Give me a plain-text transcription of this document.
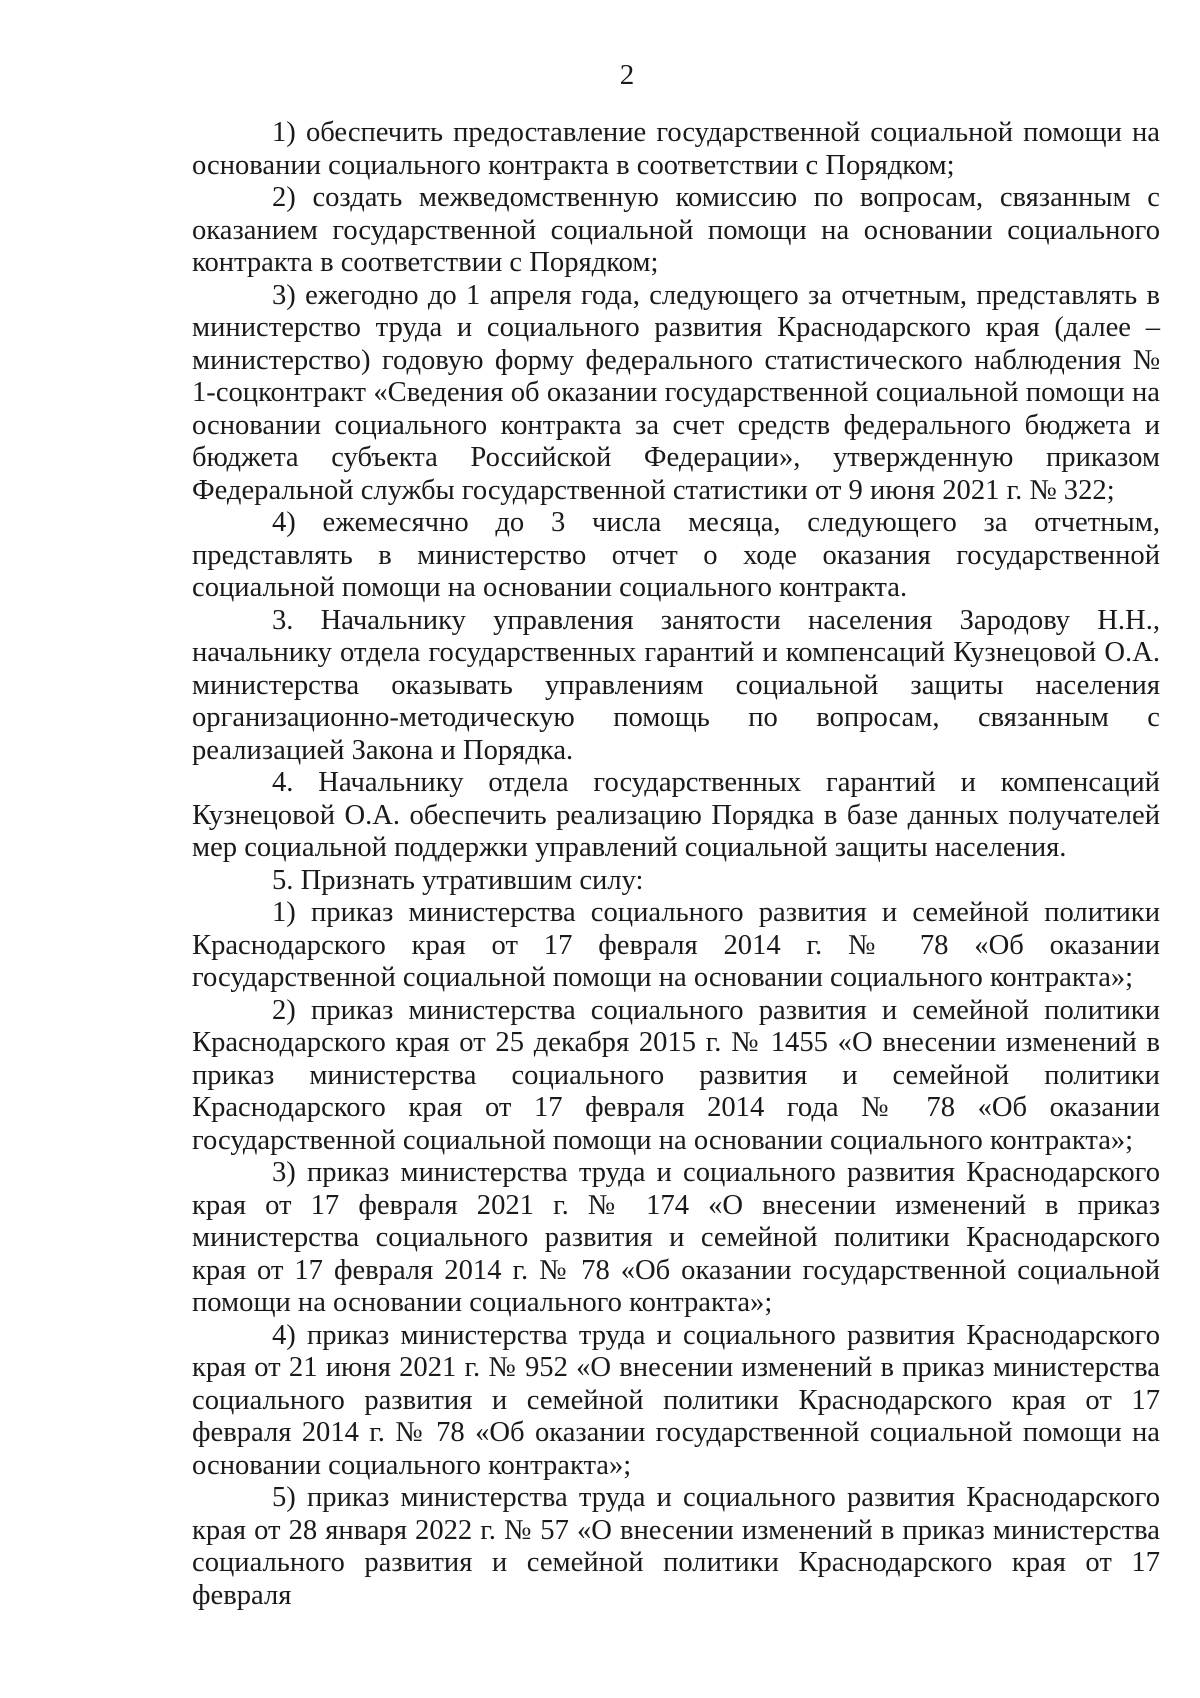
2

1) обеспечить предоставление государственной социальной помощи на основании социального контракта в соответствии с Порядком;

2) создать межведомственную комиссию по вопросам, связанным с оказанием государственной социальной помощи на основании социального контракта в соответствии с Порядком;

3) ежегодно до 1 апреля года, следующего за отчетным, представлять в министерство труда и социального развития Краснодарского края (далее – министерство) годовую форму федерального статистического наблюдения № 1-соцконтракт «Сведения об оказании государственной социальной помощи на основании социального контракта за счет средств федерального бюджета и бюджета субъекта Российской Федерации», утвержденную приказом Федеральной службы государственной статистики от 9 июня 2021 г. № 322;

4) ежемесячно до 3 числа месяца, следующего за отчетным, представлять в министерство отчет о ходе оказания государственной социальной помощи на основании социального контракта.

3. Начальнику управления занятости населения Зародову Н.Н., начальнику отдела государственных гарантий и компенсаций Кузнецовой О.А. министерства оказывать управлениям социальной защиты населения организационно-методическую помощь по вопросам, связанным с реализацией Закона и Порядка.

4. Начальнику отдела государственных гарантий и компенсаций Кузнецовой О.А. обеспечить реализацию Порядка в базе данных получателей мер социальной поддержки управлений социальной защиты населения.

5. Признать утратившим силу:

1) приказ министерства социального развития и семейной политики Краснодарского края от 17 февраля 2014 г. № 78 «Об оказании государственной социальной помощи на основании социального контракта»;

2) приказ министерства социального развития и семейной политики Краснодарского края от 25 декабря 2015 г. № 1455 «О внесении изменений в приказ министерства социального развития и семейной политики Краснодарского края от 17 февраля 2014 года № 78 «Об оказании государственной социальной помощи на основании социального контракта»;

3) приказ министерства труда и социального развития Краснодарского края от 17 февраля 2021 г. № 174 «О внесении изменений в приказ министерства социального развития и семейной политики Краснодарского края от 17 февраля 2014 г. № 78 «Об оказании государственной социальной помощи на основании социального контракта»;

4) приказ министерства труда и социального развития Краснодарского края от 21 июня 2021 г. № 952 «О внесении изменений в приказ министерства социального развития и семейной политики Краснодарского края от 17 февраля 2014 г. № 78 «Об оказании государственной социальной помощи на основании социального контракта»;

5) приказ министерства труда и социального развития Краснодарского края от 28 января 2022 г. № 57 «О внесении изменений в приказ министерства социального развития и семейной политики Краснодарского края от 17 февраля
